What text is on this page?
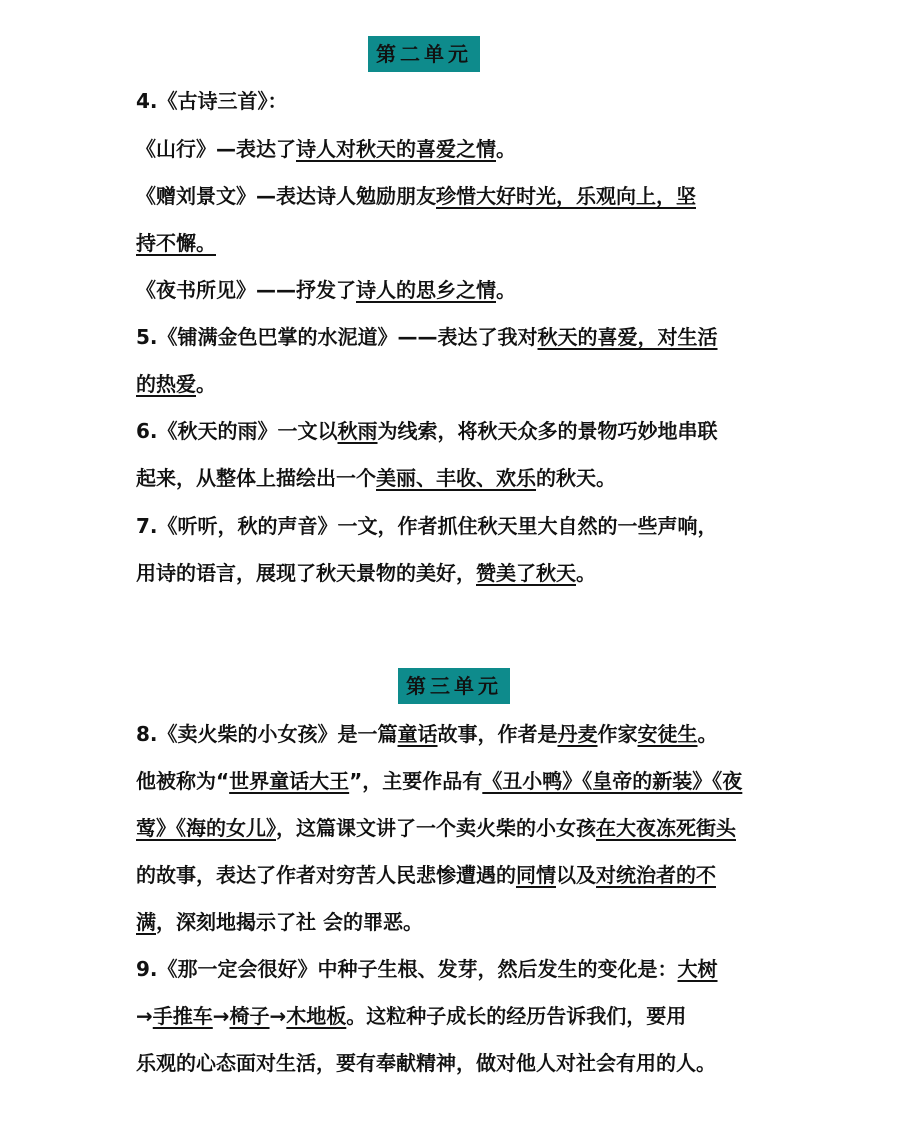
第二单元
4.《古诗三首》：
《山行》—表达了诗人对秋天的喜爱之情。
《赠刘景文》—表达诗人勉励朋友珍惜大好时光，乐观向上，坚
持不懈。
《夜书所见》——抒发了诗人的思乡之情。
5.《铺满金色巴掌的水泥道》——表达了我对秋天的喜爱，对生活
的热爱。
6.《秋天的雨》一文以秋雨为线索，将秋天众多的景物巧妙地串联
起来，从整体上描绘出一个美丽、丰收、欢乐的秋天。
7.《听听，秋的声音》一文，作者抓住秋天里大自然的一些声响，
用诗的语言，展现了秋天景物的美好，赞美了秋天。
第三单元
8.《卖火柴的小女孩》是一篇童话故事，作者是丹麦作家安徒生。
他被称为“世界童话大王”，主要作品有《丑小鸭》《皇帝的新装》《夜
莺》《海的女儿》，这篇课文讲了一个卖火柴的小女孩在大夜冻死街头
的故事，表达了作者对穷苦人民悲惨遭遇的同情以及对统治者的不
满，深刻地揭示了社 会的罪恶。
9.《那一定会很好》中种子生根、发芽，然后发生的变化是：大树
→手推车→椅子→木地板。这粒种子成长的经历告诉我们，要用
乐观的心态面对生活，要有奉献精神，做对他人对社会有用的人。
